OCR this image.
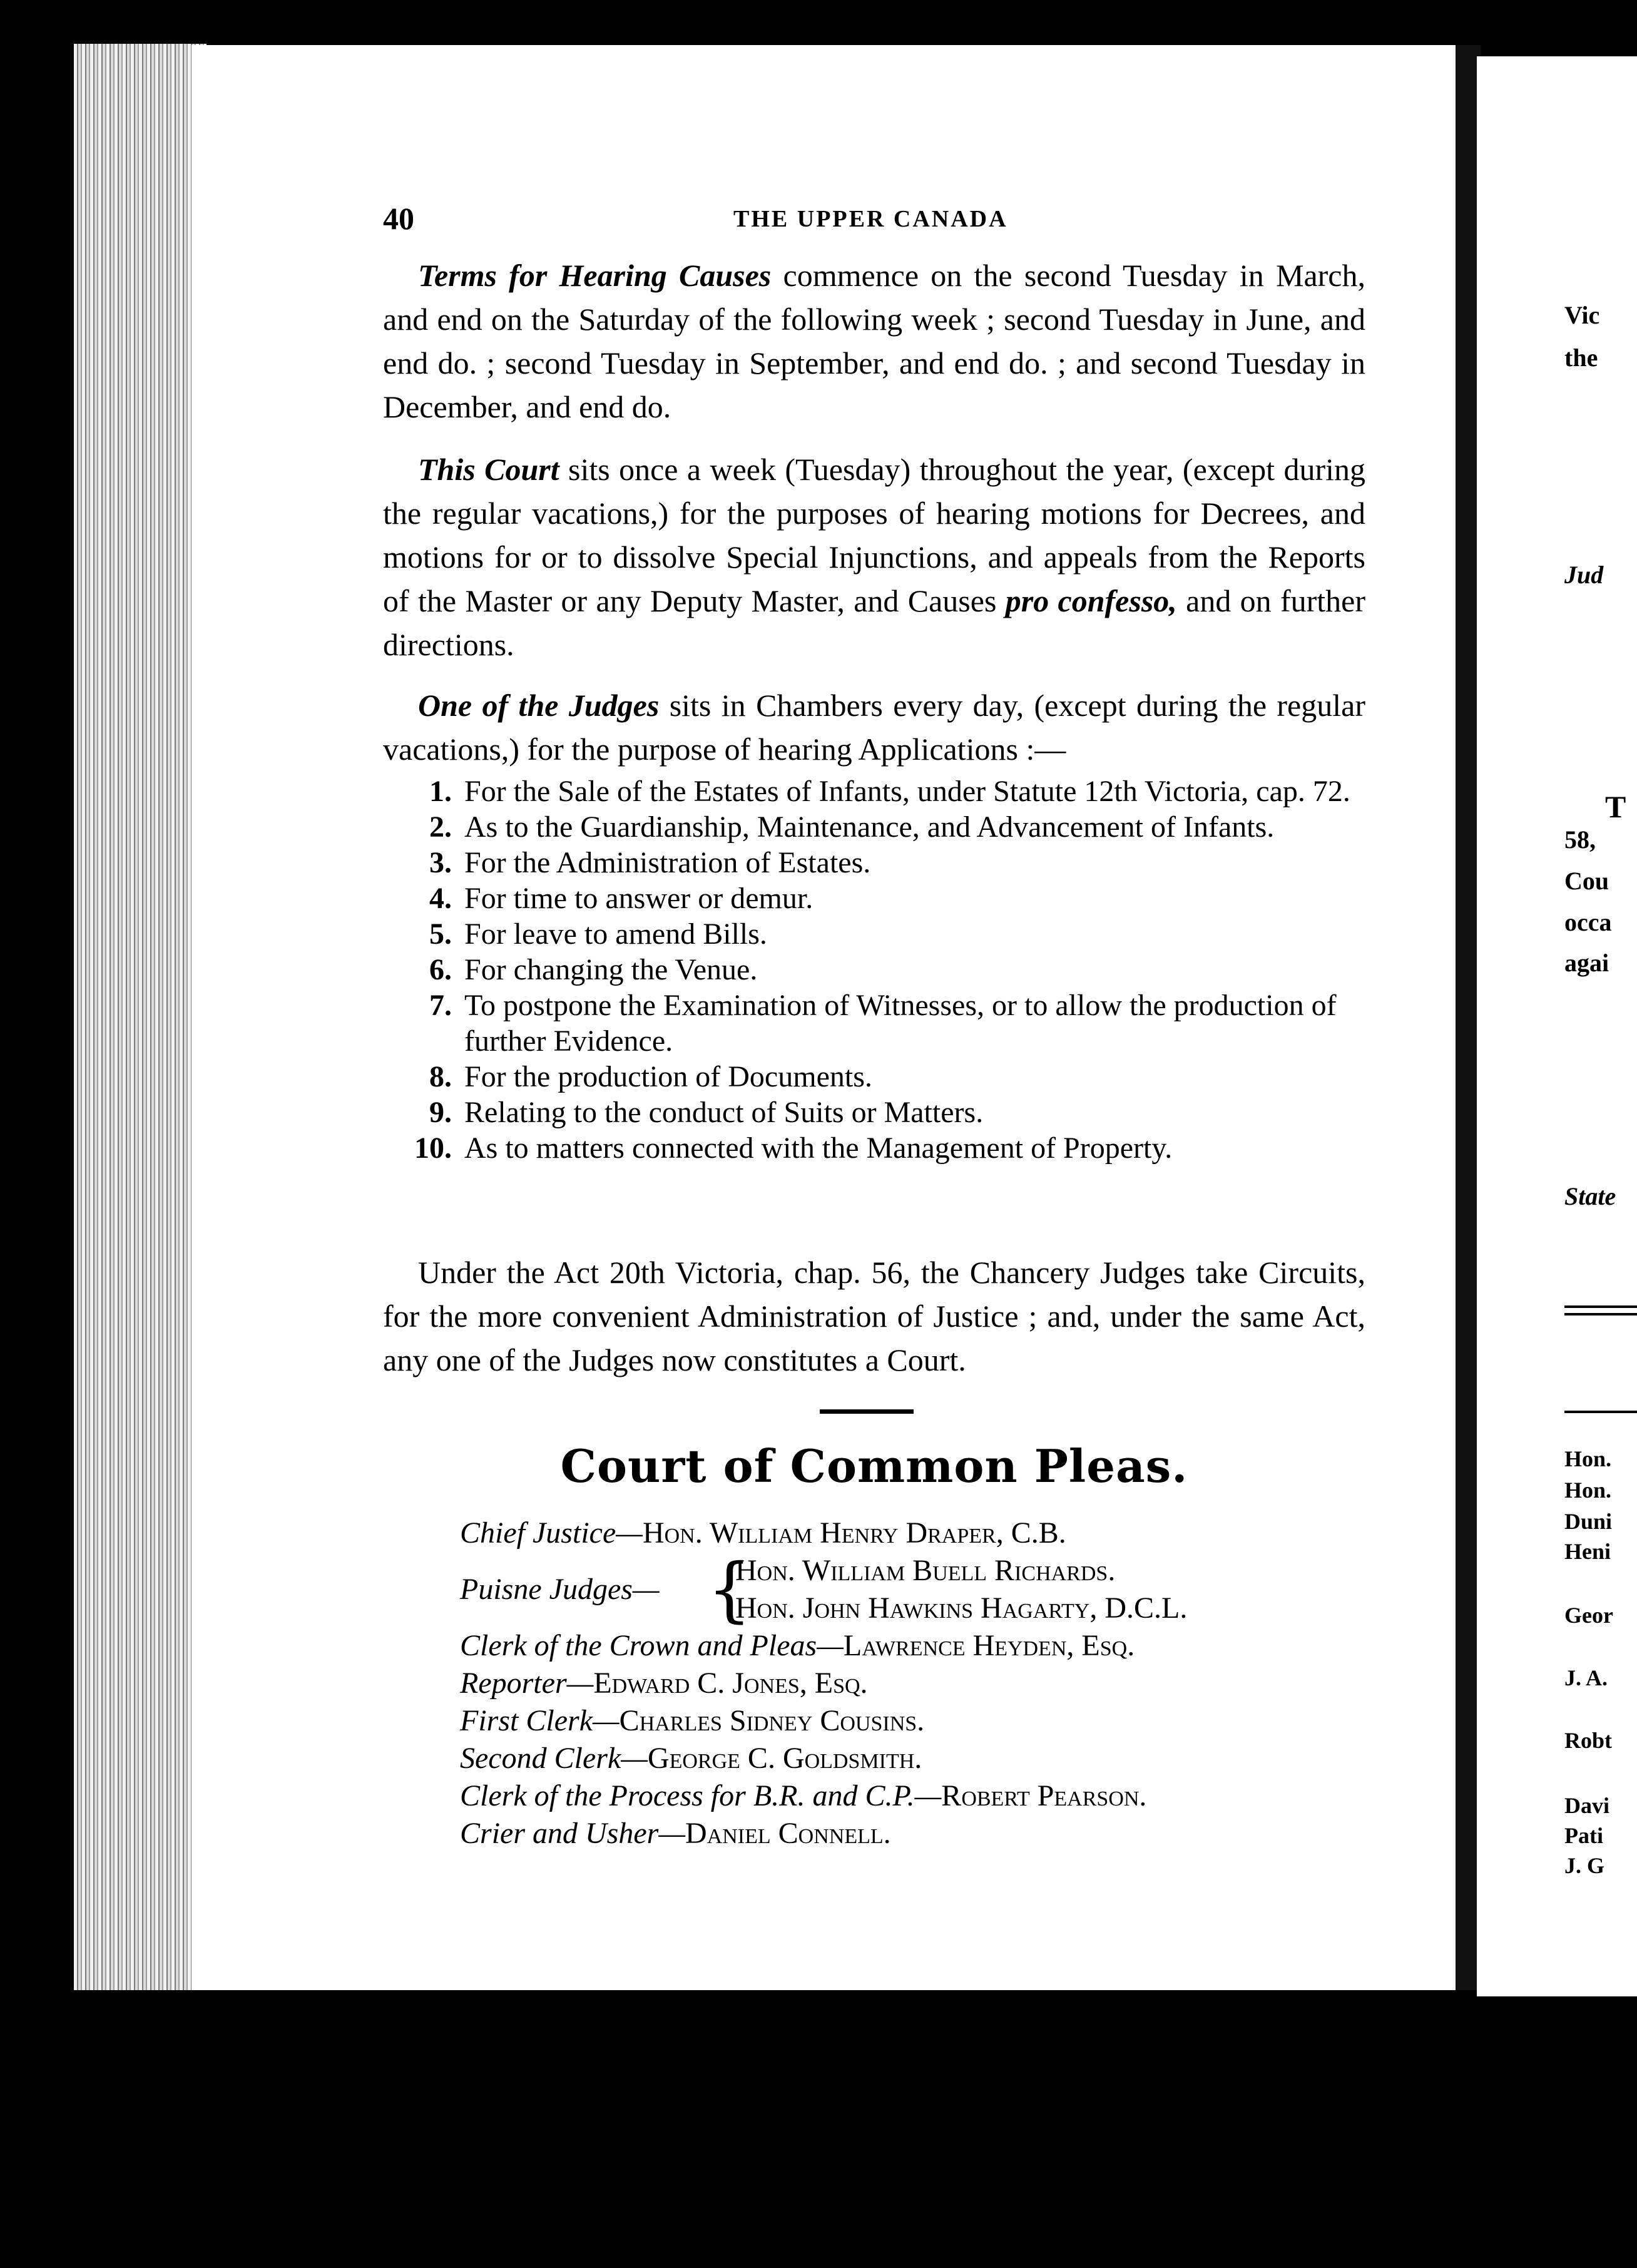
40	THE UPPER CANADA

Terms for Hearing Causes commence on the second Tuesday in March, and end on the Saturday of the following week ; second Tuesday in June, and end do. ; second Tuesday in September, and end do. ; and second Tuesday in December, and end do.

This Court sits once a week (Tuesday) throughout the year, (except during the regular vacations,) for the purposes of hearing motions for Decrees, and motions for or to dissolve Special Injunctions, and appeals from the Reports of the Master or any Deputy Master, and Causes pro confesso, and on further directions.

One of the Judges sits in Chambers every day, (except during the regular vacations,) for the purpose of hearing Applications :—

1. For the Sale of the Estates of Infants, under Statute 12th Victoria, cap. 72.
2. As to the Guardianship, Maintenance, and Advancement of Infants.
3. For the Administration of Estates.
4. For time to answer or demur.
5. For leave to amend Bills.
6. For changing the Venue.
7. To postpone the Examination of Witnesses, or to allow the production of further Evidence.
8. For the production of Documents.
9. Relating to the conduct of Suits or Matters.
10. As to matters connected with the Management of Property.

Under the Act 20th Victoria, chap. 56, the Chancery Judges take Circuits, for the more convenient Administration of Justice ; and, under the same Act, any one of the Judges now constitutes a Court.

Court of Common Pleas.
Chief Justice—Hon. William Henry Draper, C.B.
Puisne Judges— {
Hon. William Buell Richards.
Hon. John Hawkins Hagarty, D.C.L.
Clerk of the Crown and Pleas—Lawrence Heyden, Esq.
Reporter—Edward C. Jones, Esq.
First Clerk—Charles Sidney Cousins.
Second Clerk—George C. Goldsmith.
Clerk of the Process for B.R. and C.P.—Robert Pearson.
Crier and Usher—Daniel Connell.
Vic
the
Jud
T
58,
Cou
occa
agai
State
Hon.
Hon.
Duni
Heni
Geor
J. A.
Robt
Davi
Pati
J. G
